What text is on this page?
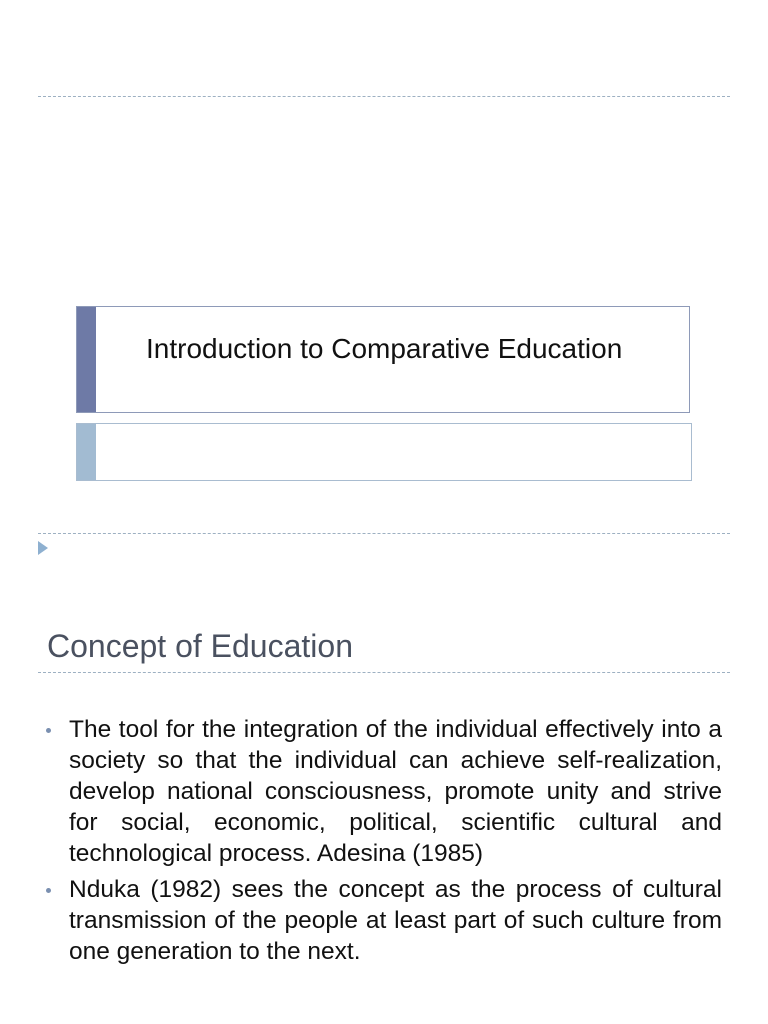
Introduction to Comparative Education
Concept of Education
The tool for the integration of the individual effectively into a society so that the individual can achieve self-realization, develop national consciousness, promote unity and strive for social, economic, political, scientific cultural and technological process. Adesina (1985)
Nduka (1982) sees the concept as the process of cultural transmission of the people at least part of such culture from one generation to the next.
